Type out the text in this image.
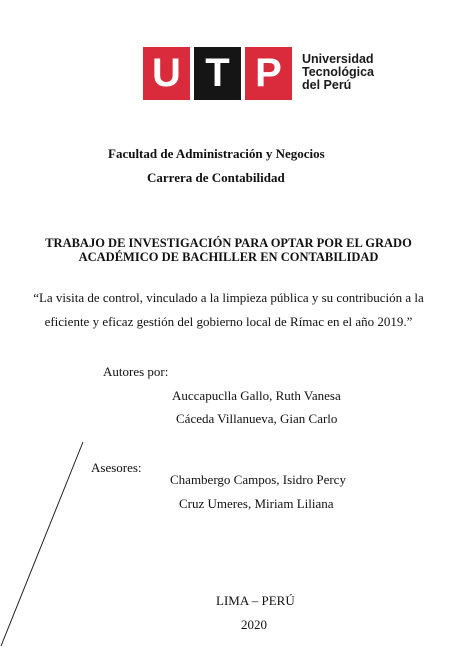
U T P	Universidad
Tecnológica
del Perú
Facultad de Administración y Negocios
Carrera de Contabilidad
TRABAJO DE INVESTIGACIÓN PARA OPTAR POR EL GRADO
ACADÉMICO DE BACHILLER EN CONTABILIDAD
“La visita de control, vinculado a la limpieza pública y su contribución a la
eficiente y eficaz gestión del gobierno local de Rímac en el año 2019.”
Autores por:
Auccapuclla Gallo, Ruth Vanesa
Cáceda Villanueva, Gian Carlo
Asesores:
Chambergo Campos, Isidro Percy
Cruz Umeres, Miriam Liliana
LIMA – PERÚ
2020
